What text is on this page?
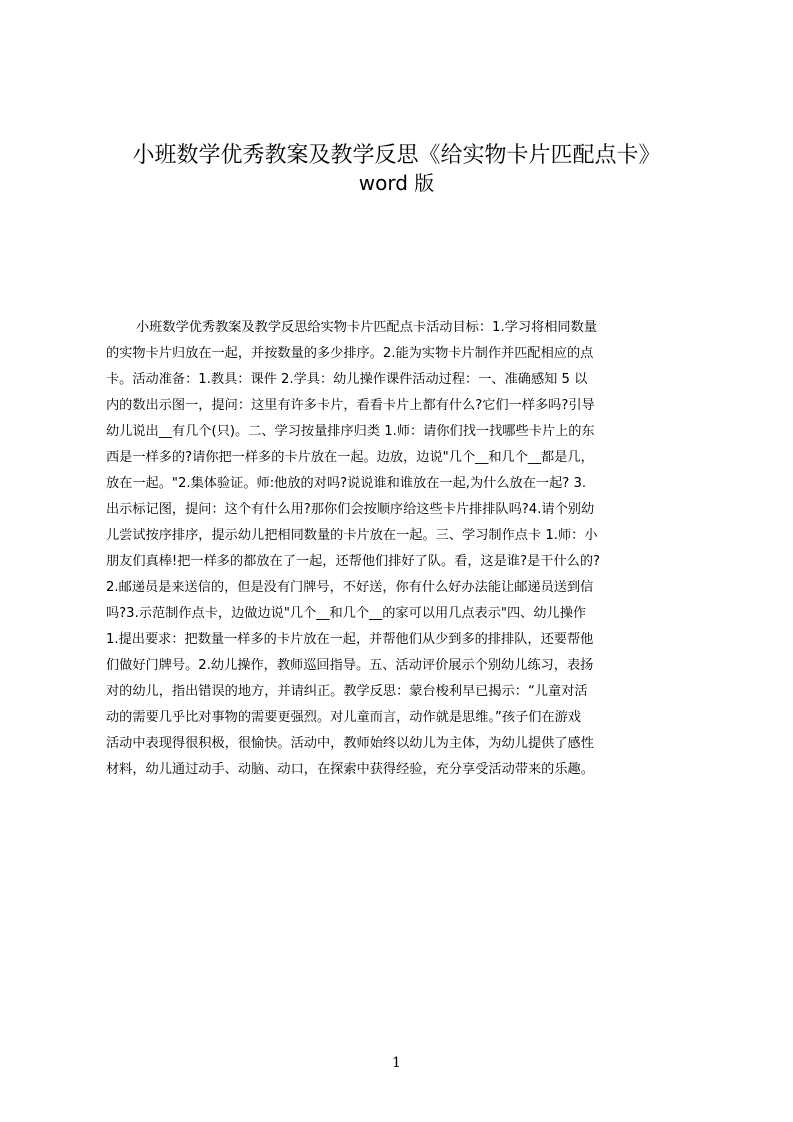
小班数学优秀教案及教学反思《给实物卡片匹配点卡》
word 版
小班数学优秀教案及教学反思给实物卡片匹配点卡活动目标：1.学习将相同数量
的实物卡片归放在一起，并按数量的多少排序。2.能为实物卡片制作并匹配相应的点
卡。活动准备：1.教具：课件 2.学具：幼儿操作课件活动过程：一、准确感知 5 以
内的数出示图一，提问：这里有许多卡片，看看卡片上都有什么?它们一样多吗?引导
幼儿说出__有几个(只)。二、学习按量排序归类 1.师：请你们找一找哪些卡片上的东
西是一样多的?请你把一样多的卡片放在一起。边放，边说"几个__和几个__都是几，
放在一起。"2.集体验证。师:他放的对吗?说说谁和谁放在一起,为什么放在一起? 3.
出示标记图，提问：这个有什么用?那你们会按顺序给这些卡片排排队吗?4.请个别幼
儿尝试按序排序，提示幼儿把相同数量的卡片放在一起。三、学习制作点卡 1.师：小
朋友们真棒!把一样多的都放在了一起，还帮他们排好了队。看，这是谁?是干什么的?
2.邮递员是来送信的，但是没有门牌号，不好送，你有什么好办法能让邮递员送到信
吗?3.示范制作点卡，边做边说"几个__和几个__的家可以用几点表示"四、幼儿操作
1.提出要求：把数量一样多的卡片放在一起，并帮他们从少到多的排排队，还要帮他
们做好门牌号。2.幼儿操作，教师巡回指导。五、活动评价展示个别幼儿练习，表扬
对的幼儿，指出错误的地方，并请纠正。教学反思：蒙台梭利早已揭示：“儿童对活
动的需要几乎比对事物的需要更强烈。对儿童而言，动作就是思维。”孩子们在游戏
活动中表现得很积极，很愉快。活动中，教师始终以幼儿为主体，为幼儿提供了感性
材料，幼儿通过动手、动脑、动口，在探索中获得经验，充分享受活动带来的乐趣。
1
